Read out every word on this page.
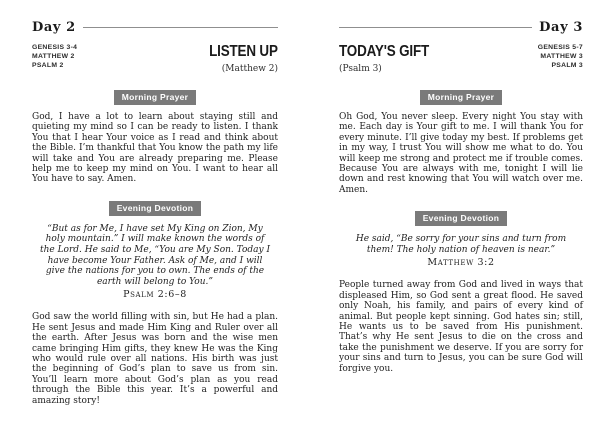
Day 2
GENESIS 3-4
MATTHEW 2
PSALM 2
LISTEN UP
(Matthew 2)
Morning Prayer

God, I have a lot to learn about staying still and quieting my mind so I can be ready to listen. I thank You that I hear Your voice as I read and think about the Bible. I’m thankful that You know the path my life will take and You are already preparing me. Please help me to keep my mind on You. I want to hear all You have to say. Amen.

Evening Devotion

“But as for Me, I have set My King on Zion, My holy mountain.” I will make known the words of the Lord. He said to Me, “You are My Son. Today I have become Your Father. Ask of Me, and I will give the nations for you to own. The ends of the earth will belong to You.”

Psalm 2:6–8

God saw the world filling with sin, but He had a plan. He sent Jesus and made Him King and Ruler over all the earth. After Jesus was born and the wise men came bringing Him gifts, they knew He was the King who would rule over all nations. His birth was just the beginning of God’s plan to save us from sin. You’ll learn more about God’s plan as you read through the Bible this year. It’s a powerful and amazing story!

Day 3
TODAY'S GIFT
(Psalm 3)
GENESIS 5-7
MATTHEW 3
PSALM 3
Morning Prayer

Oh God, You never sleep. Every night You stay with me. Each day is Your gift to me. I will thank You for every minute. I’ll give today my best. If problems get in my way, I trust You will show me what to do. You will keep me strong and protect me if trouble comes. Because You are always with me, tonight I will lie down and rest knowing that You will watch over me. Amen.

Evening Devotion

He said, “Be sorry for your sins and turn from them! The holy nation of heaven is near.”

Matthew 3:2

People turned away from God and lived in ways that displeased Him, so God sent a great flood. He saved only Noah, his family, and pairs of every kind of animal. But people kept sinning. God hates sin; still, He wants us to be saved from His punishment. That’s why He sent Jesus to die on the cross and take the punishment we deserve. If you are sorry for your sins and turn to Jesus, you can be sure God will forgive you.
